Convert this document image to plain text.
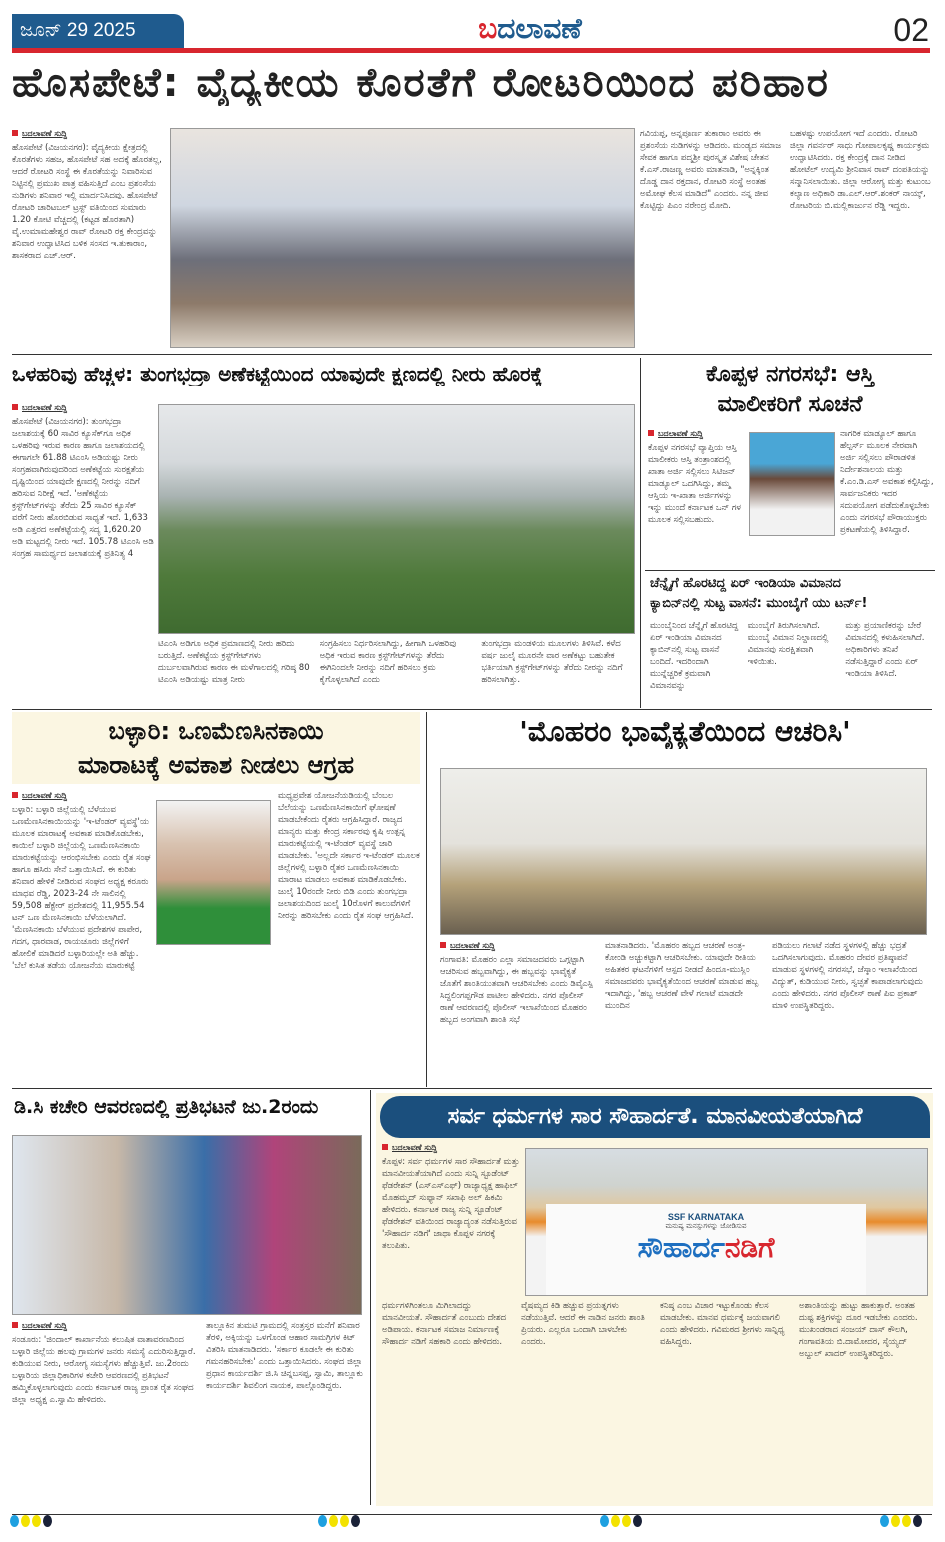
ಜೂನ್ 29 2025	ಬದಲಾವಣೆ	02
ಹೊಸಪೇಟೆ: ವೈದ್ಯಕೀಯ ಕೊರತೆಗೆ ರೋಟರಿಯಿಂದ ಪರಿಹಾರ
ಬದಲಾವಣೆ ಸುದ್ದಿ
ಹೊಸಪೇಟೆ (ವಿಜಯನಗರ): ವೈದ್ಯಕೀಯ ಕ್ಷೇತ್ರದಲ್ಲಿ ಕೊರತೆಗಳು ಸಹಜ, ಹೊಸಪೇಟೆ ಸಹ ಅದಕ್ಕೆ ಹೊರತಲ್ಲ, ಆದರೆ ರೋಟರಿ ಸಂಸ್ಥೆ ಈ ಕೊರತೆಯನ್ನು ನಿವಾರಿಸುವ ನಿಟ್ಟಿನಲ್ಲಿ ಪ್ರಮುಖ ಪಾತ್ರ ವಹಿಸುತ್ತಿದೆ ಎಂಬ ಪ್ರಶಂಸೆಯ ನುಡಿಗಳು ಶನಿವಾರ ಇಲ್ಲಿ ಮಾರ್ದನಿಸಿದವು. ಹೊಸಪೇಟೆ ರೋಟರಿ ಚಾರಿಟಬಲ್ ಟ್ರಸ್ಟ್ ವತಿಯಿಂದ ಸುಮಾರು 1.20 ಕೋಟಿ ವೆಚ್ಚದಲ್ಲಿ (ಕಟ್ಟಡ ಹೊರತಾಗಿ) ವೈ.ಉಮಾಮಹೇಶ್ವರ ರಾವ್ ರೋಟರಿ ರಕ್ತ ಕೇಂದ್ರವನ್ನು ಶನಿವಾರ ಉದ್ಘಾಟಿಸಿದ ಬಳಿಕ ಸಂಸದ ಇ.ತುಕಾರಾಂ, ಶಾಸಕರಾದ ಎಚ್.ಆರ್.
ಗವಿಯಪ್ಪ, ಅನ್ನಪೂರ್ಣ ತುಕಾರಾಂ ಅವರು ಈ ಪ್ರಶಂಸೆಯ ನುಡಿಗಳನ್ನು ಆಡಿದರು. ಮಂಡ್ಯದ ಸಮಾಜ ಸೇವಕ ಹಾಗೂ ಪದ್ಮಶ್ರೀ ಪುರಸ್ಕೃತ ವಿಶೇಷ ಚೇತನ ಕೆ.ಎಸ್.ರಾಜಣ್ಣ ಅವರು ಮಾತನಾಡಿ, "ಅನ್ನಕ್ಕಿಂತ ದೊಡ್ಡ ದಾನ ರಕ್ತದಾನ, ರೋಟರಿ ಸಂಸ್ಥೆ ಅಂತಹ ಅಮೋಘ ಕೆಲಸ ಮಾಡಿದೆ" ಎಂದರು. ನನ್ನ ಜೀವ ಕೊಟ್ಟಿದ್ದು ಪಿಎಂ ನರೇಂದ್ರ ಮೋದಿ.
ಬಹಳಷ್ಟು ಉಪಯೋಗ ಇದೆ ಎಂದರು. ರೋಟರಿ ಜಿಲ್ಲಾ ಗವರ್ನರ್ ಸಾಧು ಗೋಪಾಲಕೃಷ್ಣ ಕಾರ್ಯಕ್ರಮ ಉದ್ಘಾಟಿಸಿದರು. ರಕ್ತ ಕೇಂದ್ರಕ್ಕೆ ದಾನ ನೀಡಿದ ಹೋಟೆಲ್ ಉದ್ಯಮಿ ಶ್ರೀನಿವಾಸ ರಾವ್ ದಂಪತಿಯನ್ನು ಸನ್ಮಾನಿಸಲಾಯಿತು. ಜಿಲ್ಲಾ ಆರೋಗ್ಯ ಮತ್ತು ಕುಟುಂಬ ಕಲ್ಯಾಣ ಅಧಿಕಾರಿ ಡಾ.ಎಲ್.ಆರ್.ಶಂಕರ್ ನಾಯ್ಕ್, ರೋಟರಿಯ ಬಿ.ಮಲ್ಲಿಕಾರ್ಜುನ ರೆಡ್ಡಿ ಇದ್ದರು.
ಒಳಹರಿವು ಹೆಚ್ಚಳ: ತುಂಗಭದ್ರಾ ಅಣೆಕಟ್ಟೆಯಿಂದ ಯಾವುದೇ ಕ್ಷಣದಲ್ಲಿ ನೀರು ಹೊರಕ್ಕೆ
ಬದಲಾವಣೆ ಸುದ್ದಿ
ಹೊಸಪೇಟೆ (ವಿಜಯನಗರ): ತುಂಗಭದ್ರಾ ಜಲಾಶಯಕ್ಕೆ 60 ಸಾವಿರ ಕ್ಯೂಸೆಕ್‌ಗೂ ಅಧಿಕ ಒಳಹರಿವು ಇರುವ ಕಾರಣ ಹಾಗೂ ಜಲಾಶಯದಲ್ಲಿ ಈಗಾಗಲೇ 61.88 ಟಿಎಂಸಿ ಅಡಿಯಷ್ಟು ನೀರು ಸಂಗ್ರಹವಾಗಿರುವುದರಿಂದ ಅಣೆಕಟ್ಟೆಯ ಸುರಕ್ಷತೆಯ ದೃಷ್ಟಿಯಿಂದ ಯಾವುದೇ ಕ್ಷಣದಲ್ಲಿ ನೀರನ್ನು ನದಿಗೆ ಹರಿಸುವ ನಿರೀಕ್ಷೆ ಇದೆ. 'ಅಣೆಕಟ್ಟೆಯ ಕ್ರಸ್ಟ್‌ಗೇಟ್‌ಗಳನ್ನು ತೆರೆದು 25 ಸಾವಿರ ಕ್ಯೂಸೆಕ್ ವರೆಗೆ ನೀರು ಹೊರಬಿಡುವ ಸಾಧ್ಯತೆ ಇದೆ. 1,633 ಅಡಿ ಎತ್ತರದ ಅಣೆಕಟ್ಟೆಯಲ್ಲಿ ಸದ್ಯ 1,620.20 ಅಡಿ ಮಟ್ಟದಲ್ಲಿ ನೀರು ಇದೆ. 105.78 ಟಿಎಂಸಿ ಅಡಿ ಸಂಗ್ರಹ ಸಾಮರ್ಥ್ಯದ ಜಲಾಶಯಕ್ಕೆ ಪ್ರತಿನಿತ್ಯ 4
ಟಿಎಂಸಿ ಅಡಿಗೂ ಅಧಿಕ ಪ್ರಮಾಣದಲ್ಲಿ ನೀರು ಹರಿದು ಬರುತ್ತಿದೆ. ಅಣೆಕಟ್ಟೆಯ ಕ್ರಸ್ಟ್‌ಗೇಟ್‌ಗಳು ದುರ್ಬಲವಾಗಿರುವ ಕಾರಣ ಈ ಮಳೆಗಾಲದಲ್ಲಿ ಗರಿಷ್ಠ 80 ಟಿಎಂಸಿ ಅಡಿಯಷ್ಟು ಮಾತ್ರ ನೀರು
ಸಂಗ್ರಹಿಸಲು ನಿರ್ಧರಿಸಲಾಗಿದ್ದು, ಹೀಗಾಗಿ ಒಳಹರಿವು ಅಧಿಕ ಇರುವ ಕಾರಣ ಕ್ರಸ್ಟ್‌ಗೇಟ್‌ಗಳನ್ನು ತೆರೆದು ಈಗಿನಿಂದಲೇ ನೀರನ್ನು ನದಿಗೆ ಹರಿಸಲು ಕ್ರಮ ಕೈಗೊಳ್ಳಲಾಗಿದೆ ಎಂದು
ತುಂಗಭದ್ರಾ ಮಂಡಳಿಯ ಮೂಲಗಳು ತಿಳಿಸಿವೆ. ಕಳೆದ ವರ್ಷ ಜುಲೈ ಮೂರನೇ ವಾರ ಅಣೆಕಟ್ಟು ಬಹುತೇಕ ಭರ್ತಿಯಾಗಿ ಕ್ರಸ್ಟ್‌ಗೇಟ್‌ಗಳನ್ನು ತೆರೆದು ನೀರನ್ನು ನದಿಗೆ ಹರಿಸಲಾಗಿತ್ತು.
ಕೊಪ್ಪಳ ನಗರಸಭೆ: ಆಸ್ತಿ
ಮಾಲೀಕರಿಗೆ ಸೂಚನೆ
ಬದಲಾವಣೆ ಸುದ್ದಿ
ಕೊಪ್ಪಳ ನಗರಸಭೆ ವ್ಯಾಪ್ತಿಯ ಆಸ್ತಿ ಮಾಲೀಕರು ಆಸ್ತಿ ತಂತ್ರಾಂಶದಲ್ಲಿ ಖಾತಾ ಅರ್ಜಿ ಸಲ್ಲಿಸಲು ಸಿಟಿಜನ್ ಮಾಡ್ಯೂಲ್ ಒದಗಿಸಿದ್ದು, ತಮ್ಮ ಆಸ್ತಿಯ ಇ-ಖಾತಾ ಅರ್ಜಿಗಳನ್ನು ಇನ್ನು ಮುಂದೆ ಕರ್ನಾಟಕ ಒನ್ ಗಳ ಮೂಲಕ ಸಲ್ಲಿಸಬಹುದು.
ನಾಗರಿಕ ಮಾಡ್ಯೂಲ್ ಹಾಗೂ ಹೆಲ್ಪರ್ಸ್ ಮೂಲಕ ನೇರವಾಗಿ ಅರ್ಜಿ ಸಲ್ಲಿಸಲು ಪೌರಾಡಳಿತ ನಿರ್ದೇಶನಾಲಯ ಮತ್ತು ಕೆ.ಎಂ.ಡಿ.ಎಸ್ ಅವಕಾಶ ಕಲ್ಪಿಸಿದ್ದು, ಸಾರ್ವಜನಿಕರು ಇದರ ಸದುಪಯೋಗ ಪಡೆದುಕೊಳ್ಳಬೇಕು ಎಂದು ನಗರಸಭೆ ಪೌರಾಯುಕ್ತರು ಪ್ರಕಟಣೆಯಲ್ಲಿ ತಿಳಿಸಿದ್ದಾರೆ.
ಚೆನ್ನೈಗೆ ಹೊರಟಿದ್ದ ಏರ್ ಇಂಡಿಯಾ ವಿಮಾನದ
ಕ್ಯಾಬಿನ್‌ನಲ್ಲಿ ಸುಟ್ಟ ವಾಸನೆ: ಮುಂಬೈಗೆ ಯು ಟರ್ನ್!
ಮುಂಬೈನಿಂದ ಚೆನ್ನೈಗೆ ಹೊರಟಿದ್ದ ಏರ್ ಇಂಡಿಯಾ ವಿಮಾನದ ಕ್ಯಾಬಿನ್‌ನಲ್ಲಿ ಸುಟ್ಟ ವಾಸನೆ ಬಂದಿದೆ. ಇದರಿಂದಾಗಿ ಮುನ್ನೆಚ್ಚರಿಕೆ ಕ್ರಮವಾಗಿ ವಿಮಾನವನ್ನು
ಮುಂಬೈಗೆ ತಿರುಗಿಸಲಾಗಿದೆ. ಮುಂಬೈ ವಿಮಾನ ನಿಲ್ದಾಣದಲ್ಲಿ ವಿಮಾನವು ಸುರಕ್ಷಿತವಾಗಿ ಇಳಿಯಿತು.
ಮತ್ತು ಪ್ರಯಾಣಿಕರನ್ನು ಬೇರೆ ವಿಮಾನದಲ್ಲಿ ಕಳುಹಿಸಲಾಗಿದೆ. ಅಧಿಕಾರಿಗಳು ತನಿಖೆ ನಡೆಸುತ್ತಿದ್ದಾರೆ ಎಂದು ಏರ್ ಇಂಡಿಯಾ ತಿಳಿಸಿದೆ.
ಬಳ್ಳಾರಿ: ಒಣಮೆಣಸಿನಕಾಯಿ
ಮಾರಾಟಕ್ಕೆ ಅವಕಾಶ ನೀಡಲು ಆಗ್ರಹ
ಬದಲಾವಣೆ ಸುದ್ದಿ
ಬಳ್ಳಾರಿ: ಬಳ್ಳಾರಿ ಜಿಲ್ಲೆಯಲ್ಲಿ ಬೆಳೆಯುವ ಒಣಮೆಣಸಿನಕಾಯಿಯನ್ನು 'ಇ-ಟೆಂಡರ್ ವ್ಯವಸ್ಥೆ'ಯ ಮೂಲಕ ಮಾರಾಟಕ್ಕೆ ಅವಕಾಶ ಮಾಡಿಕೊಡಬೇಕು, ಕಾಯಿಲೆ ಬಳ್ಳಾರಿ ಜಿಲ್ಲೆಯಲ್ಲಿ ಒಣಮೆಣಸಿನಕಾಯಿ ಮಾರುಕಟ್ಟೆಯನ್ನು ಆರಂಭಿಸಬೇಕು ಎಂದು ರೈತ ಸಂಘ ಹಾಗೂ ಹಸಿರು ಸೇನೆ ಒತ್ತಾಯಿಸಿದೆ. ಈ ಕುರಿತು ಶನಿವಾರ ಹೇಳಿಕೆ ನೀಡಿರುವ ಸಂಘದ ಅಧ್ಯಕ್ಷ ಕರೂರು ಮಾಧವ ರೆಡ್ಡಿ, 2023-24 ನೇ ಸಾಲಿನಲ್ಲಿ 59,508 ಹೆಕ್ಟೇರ್ ಪ್ರದೇಶದಲ್ಲಿ 11,955.54 ಟನ್ ಒಣ ಮೆಣಸಿನಕಾಯಿ ಬೆಳೆಯಲಾಗಿದೆ. 'ಮೆಣಸಿನಕಾಯಿ ಬೆಳೆಯುವ ಪ್ರದೇಶಗಳ ಪಾಪೇರ, ಗದಗ, ಧಾರವಾಡ, ರಾಯಚೂರು ಜಿಲ್ಲೆಗಳಿಗೆ ಹೋಲಿಕೆ ಮಾಡಿದರೆ ಬಳ್ಳಾರಿಯಲ್ಲೇ ಅತಿ ಹೆಚ್ಚು. 'ಬೆಲೆ ಕುಸಿತ ತಡೆಯ ಯೋಜನೆಯ ಮಾರುಕಟ್ಟೆ
ಮಧ್ಯಪ್ರವೇಶ ಯೋಜನೆಯಡಿಯಲ್ಲಿ ಬೆಂಬಲ ಬೆಲೆಯನ್ನು ಒಣಮೆಣಸಿನಕಾಯಿಗೆ ಘೋಷಣೆ ಮಾಡಬೇಕೆಂದು ರೈತರು ಆಗ್ರಹಿಸಿದ್ದಾರೆ. ರಾಜ್ಯದ ಮಾನ್ಯರು ಮತ್ತು ಕೇಂದ್ರ ಸರ್ಕಾರವು ಕೃಷಿ ಉತ್ಪನ್ನ ಮಾರುಕಟ್ಟೆಯಲ್ಲಿ ಇ-ಟೆಂಡರ್ ವ್ಯವಸ್ಥೆ ಜಾರಿ ಮಾಡಬೇಕು. 'ಅಲ್ಲದೇ ಸರ್ಕಾರ ಇ-ಟೆಂಡರ್ ಮೂಲಕ ಜಿಲ್ಲೆಗಳಲ್ಲಿ ಬಳ್ಳಾರಿ ರೈತರ ಒಣಮೆಣಸಿನಕಾಯಿ ಮಾರಾಟ ಮಾಡಲು ಅವಕಾಶ ಮಾಡಿಕೊಡಬೇಕು. ಜುಲೈ 10ರಂದೇ ನೀರು ಬಿಡಿ ಎಂದು ತುಂಗಭದ್ರಾ ಜಲಾಶಯದಿಂದ ಜುಲೈ 10ರೊಳಗೆ ಕಾಲುವೆಗಳಿಗೆ ನೀರನ್ನು ಹರಿಸಬೇಕು ಎಂದು ರೈತ ಸಂಘ ಆಗ್ರಹಿಸಿದೆ.
'ಮೊಹರಂ ಭಾವೈಕ್ಯತೆಯಿಂದ ಆಚರಿಸಿ'
ಬದಲಾವಣೆ ಸುದ್ದಿ
ಗಂಗಾವತಿ: ಮೊಹರಂ ಎಲ್ಲಾ ಸಮಾಜದವರು ಒಗ್ಗಟ್ಟಾಗಿ ಆಚರಿಸುವ ಹಬ್ಬವಾಗಿದ್ದು, ಈ ಹಬ್ಬವನ್ನು ಭಾವೈಕ್ಯತೆ ಜೊತೆಗೆ ಶಾಂತಿಯುತವಾಗಿ ಆಚರಿಸಬೇಕು ಎಂದು ಡಿವೈಎಸ್ಪಿ ಸಿದ್ದಲಿಂಗಪ್ಪಗೌಡ ಪಾಟೀಲ ಹೇಳಿದರು. ನಗರ ಪೊಲೀಸ್ ಠಾಣೆ ಆವರಣದಲ್ಲಿ ಪೊಲೀಸ್ ಇಲಾಖೆಯಿಂದ ಮೊಹರಂ ಹಬ್ಬದ ಅಂಗವಾಗಿ ಶಾಂತಿ ಸಭೆ
ಮಾತನಾಡಿದರು. 'ಮೊಹರಂ ಹಬ್ಬದ ಆಚರಣೆ ಅಂತ್ರ-ಕೋಂಡಿ ಅಚ್ಚುಕಟ್ಟಾಗಿ ಆಚರಿಸಬೇಕು. ಯಾವುದೇ ರೀತಿಯ ಅಹಿತಕರ ಘಟನೆಗಳಿಗೆ ಆಸ್ಪದ ನೀಡದೆ ಹಿಂದೂ-ಮುಸ್ಲಿಂ ಸಮಾಜದವರು ಭಾವೈಕ್ಯತೆಯಿಂದ ಆಚರಣೆ ಮಾಡುವ ಹಬ್ಬ ಇದಾಗಿದ್ದು, 'ಹಬ್ಬ ಆಚರಣೆ ವೇಳೆ ಗಲಾಟೆ ಮಾಡದೇ ಮುಂದಿನ
ಪಡಿಯಲು ಗಲಾಟೆ ನಡೆದ ಸ್ಥಳಗಳಲ್ಲಿ ಹೆಚ್ಚು ಭದ್ರತೆ ಒದಗಿಸಲಾಗುವುದು. ಮೊಹರಂ ದೇವರ ಪ್ರತಿಷ್ಠಾಪನೆ ಮಾಡುವ ಸ್ಥಳಗಳಲ್ಲಿ ನಗರಸಭೆ, ಜೆಸ್ಕಾಂ ಇಲಾಖೆಯಿಂದ ವಿದ್ಯುತ್, ಕುಡಿಯುವ ನೀರು, ಸ್ವಚ್ಛತೆ ಕಾಪಾಡಲಾಗುವುದು ಎಂದು ಹೇಳಿದರು. ನಗರ ಪೊಲೀಸ್ ಠಾಣೆ ಪಿಐ ಪ್ರಕಾಶ್ ಮಾಳಿ ಉಪಸ್ಥಿತರಿದ್ದರು.
ಡಿ.ಸಿ ಕಚೇರಿ ಆವರಣದಲ್ಲಿ ಪ್ರತಿಭಟನೆ ಜು.2ರಂದು
ಬದಲಾವಣೆ ಸುದ್ದಿ
ಸಂಡೂರು: 'ಜಿಂದಾಲ್ ಕಾರ್ಖಾನೆಯ ಕಲುಷಿತ ವಾತಾವರಣದಿಂದ ಬಳ್ಳಾರಿ ಜಿಲ್ಲೆಯ ಹಲವು ಗ್ರಾಮಗಳ ಜನರು ಸಮಸ್ಯೆ ಎದುರಿಸುತ್ತಿದ್ದಾರೆ. ಕುಡಿಯುವ ನೀರು, ಆರೋಗ್ಯ ಸಮಸ್ಯೆಗಳು ಹೆಚ್ಚುತ್ತಿವೆ. ಜು.2ರಂದು ಬಳ್ಳಾರಿಯ ಜಿಲ್ಲಾಧಿಕಾರಿಗಳ ಕಚೇರಿ ಆವರಣದಲ್ಲಿ ಪ್ರತಿಭಟನೆ ಹಮ್ಮಿಕೊಳ್ಳಲಾಗುವುದು ಎಂದು ಕರ್ನಾಟಕ ರಾಜ್ಯ ಪ್ರಾಂತ ರೈತ ಸಂಘದ ಜಿಲ್ಲಾ ಅಧ್ಯಕ್ಷ ಎ.ಸ್ವಾಮಿ ಹೇಳಿದರು.
ತಾಲ್ಲೂಕಿನ ತುಮಟಿ ಗ್ರಾಮದಲ್ಲಿ ಸಂತ್ರಸ್ತರ ಮನೆಗೆ ಶನಿವಾರ ತೆರಳಿ, ಅಕ್ಕಿಯನ್ನು ಒಳಗೊಂಡ ಆಹಾರ ಸಾಮಗ್ರಿಗಳ ಕಿಟ್ ವಿತರಿಸಿ ಮಾತನಾಡಿದರು. 'ಸರ್ಕಾರ ಕೂಡಲೇ ಈ ಕುರಿತು ಗಮನಹರಿಸಬೇಕು' ಎಂದು ಒತ್ತಾಯಿಸಿದರು. ಸಂಘದ ಜಿಲ್ಲಾ ಪ್ರಧಾನ ಕಾರ್ಯದರ್ಶಿ ಜಿ.ಸಿ ಚಿನ್ನಬಸಪ್ಪ, ಸ್ವಾಮಿ, ತಾಲ್ಲೂಕು ಕಾರ್ಯದರ್ಶಿ ಶಿವಲಿಂಗ ನಾಯಕ, ಪಾಲ್ಗೊಂಡಿದ್ದರು.
ಸರ್ವ ಧರ್ಮಗಳ ಸಾರ ಸೌಹಾರ್ದತೆ. ಮಾನವೀಯತೆಯಾಗಿದೆ
ಬದಲಾವಣೆ ಸುದ್ದಿ
ಕೊಪ್ಪಳ: ಸರ್ವ ಧರ್ಮಗಳ ಸಾರ ಸೌಹಾರ್ದತೆ ಮತ್ತು ಮಾನವೀಯತೆಯಾಗಿದೆ ಎಂದು ಸುನ್ನಿ ಸ್ಟೂಡೆಂಟ್ ಫೆಡರೇಶನ್ (ಎಸ್ಎಸ್ಎಫ್) ರಾಜ್ಯಾಧ್ಯಕ್ಷ ಹಾಫಿಲ್ ಮೊಹಮ್ಮದ್ ಸುಫ್ಯಾನ್ ಸಖಾಫಿ ಅಲ್ ಹಿಕಮಿ ಹೇಳಿದರು. ಕರ್ನಾಟಕ ರಾಜ್ಯ ಸುನ್ನಿ ಸ್ಟೂಡೆಂಟ್ ಫೆಡರೇಶನ್ ವತಿಯಿಂದ ರಾಜ್ಯಾದ್ಯಂತ ನಡೆಸುತ್ತಿರುವ 'ಸೌಹಾರ್ದ ನಡಿಗೆ' ಜಾಥಾ ಕೊಪ್ಪಳ ನಗರಕ್ಕೆ ತಲುಪಿತು.
SSF KARNATAKA
ಮನುಷ್ಯ ಮನಸ್ಸುಗಳನ್ನು ಜೋಡಿಸುವ
ಸೌಹಾರ್ದನಡಿಗೆ
ಧರ್ಮಗಳಿಗಿಂತಲೂ ಮಿಗಿಲಾದದ್ದು ಮಾನವೀಯತೆ. ಸೌಹಾರ್ದತೆ ಎಂಬುದು ದೇಶದ ಅಡಿಪಾಯ. ಕರ್ನಾಟಕ ಸಮಾಜ ನಿರ್ಮಾಣಕ್ಕೆ ಸೌಹಾರ್ದ ನಡಿಗೆ ಸಹಕಾರಿ ಎಂದು ಹೇಳಿದರು.
ವೈಷಮ್ಯದ ಕಿಡಿ ಹಚ್ಚುವ ಪ್ರಯತ್ನಗಳು ನಡೆಯುತ್ತಿವೆ. ಆದರೆ ಈ ನಾಡಿನ ಜನರು ಶಾಂತಿ ಪ್ರಿಯರು. ಎಲ್ಲರೂ ಒಂದಾಗಿ ಬಾಳಬೇಕು ಎಂದರು.
ಕನಿಷ್ಠ ಎಂಬ ವಿಚಾರ ಇಟ್ಟುಕೊಂಡು ಕೆಲಸ ಮಾಡಬೇಕು. ಮಾನವ ಧರ್ಮಕ್ಕೆ ಜಯವಾಗಲಿ ಎಂದು ಹೇಳಿದರು. ಗವಿಮಠದ ಶ್ರೀಗಳು ಸಾನ್ನಿಧ್ಯ ವಹಿಸಿದ್ದರು.
ಅಶಾಂತಿಯನ್ನು ಹುಟ್ಟು ಹಾಕುತ್ತಾರೆ. ಅಂತಹ ದುಷ್ಟ ಶಕ್ತಿಗಳನ್ನು ದೂರ ಇಡಬೇಕು ಎಂದರು. ಮುಖಂಡರಾದ ಸಂಜಯ್ ದಾಸ್ ಕೌಲಗಿ, ಗಂಗಾವತಿಯ ಬಿ.ದಾಮೋದರ, ಸೈಯ್ಯದ್ ಅಬ್ದುಲ್ ಖಾದರ್ ಉಪಸ್ಥಿತರಿದ್ದರು.
